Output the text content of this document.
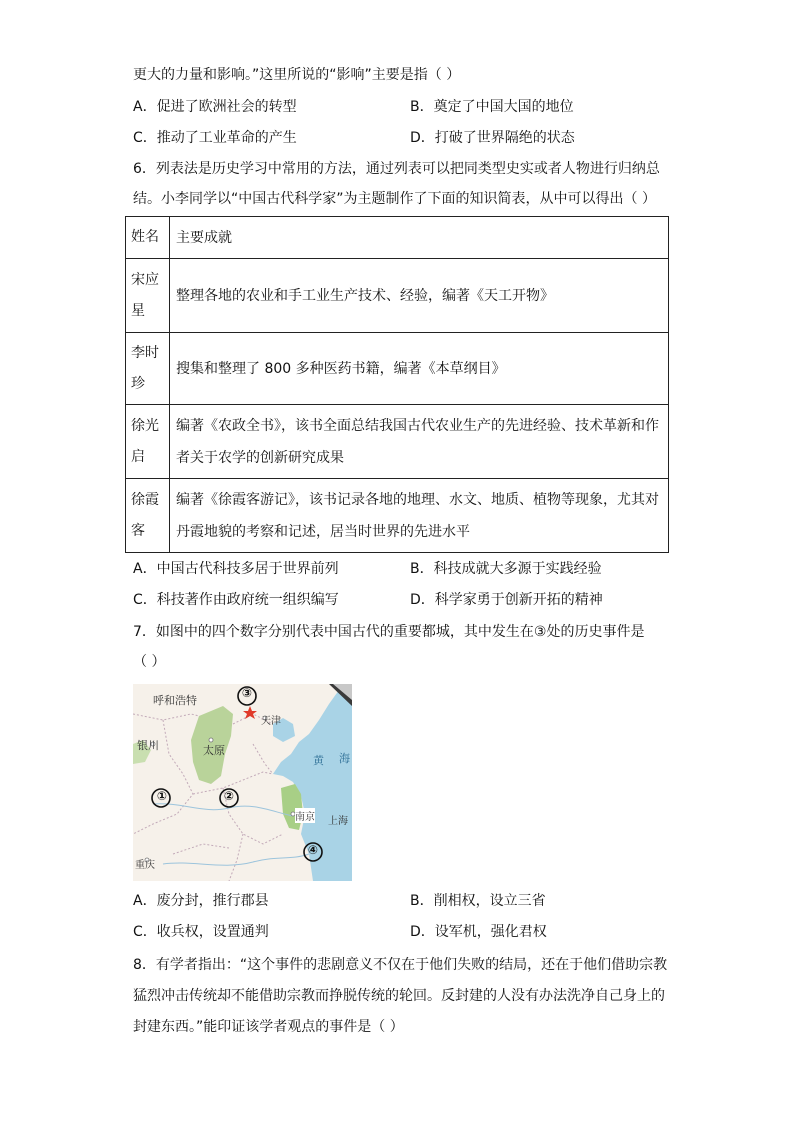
更大的力量和影响。”这里所说的“影响”主要是指（ ）
A．促进了欧洲社会的转型	B．奠定了中国大国的地位
C．推动了工业革命的产生	D．打破了世界隔绝的状态
6．列表法是历史学习中常用的方法，通过列表可以把同类型史实或者人物进行归纳总
结。小李同学以“中国古代科学家”为主题制作了下面的知识简表，从中可以得出（ ）
姓名	主要成就
宋应
星	整理各地的农业和手工业生产技术、经验，编著《天工开物》
李时
珍	搜集和整理了 800 多种医药书籍，编著《本草纲目》
徐光
启	编著《农政全书》，该书全面总结我国古代农业生产的先进经验、技术革新和作
者关于农学的创新研究成果
徐霞
客	编著《徐霞客游记》，该书记录各地的地理、水文、地质、植物等现象，尤其对
丹霞地貌的考察和记述，居当时世界的先进水平
A．中国古代科技多居于世界前列	B．科技成就大多源于实践经验
C．科技著作由政府统一组织编写	D．科学家勇于创新开拓的精神
7．如图中的四个数字分别代表中国古代的重要都城，其中发生在③处的历史事件是
（ ）
呼和浩特
③
天津
银川	太原
黄 海
①	②
南京 上海
④
重庆
A．废分封，推行郡县	B．削相权，设立三省
C．收兵权，设置通判	D．设军机，强化君权
8．有学者指出：“这个事件的悲剧意义不仅在于他们失败的结局，还在于他们借助宗教
猛烈冲击传统却不能借助宗教而挣脱传统的轮回。反封建的人没有办法洗净自己身上的
封建东西。”能印证该学者观点的事件是（ ）
